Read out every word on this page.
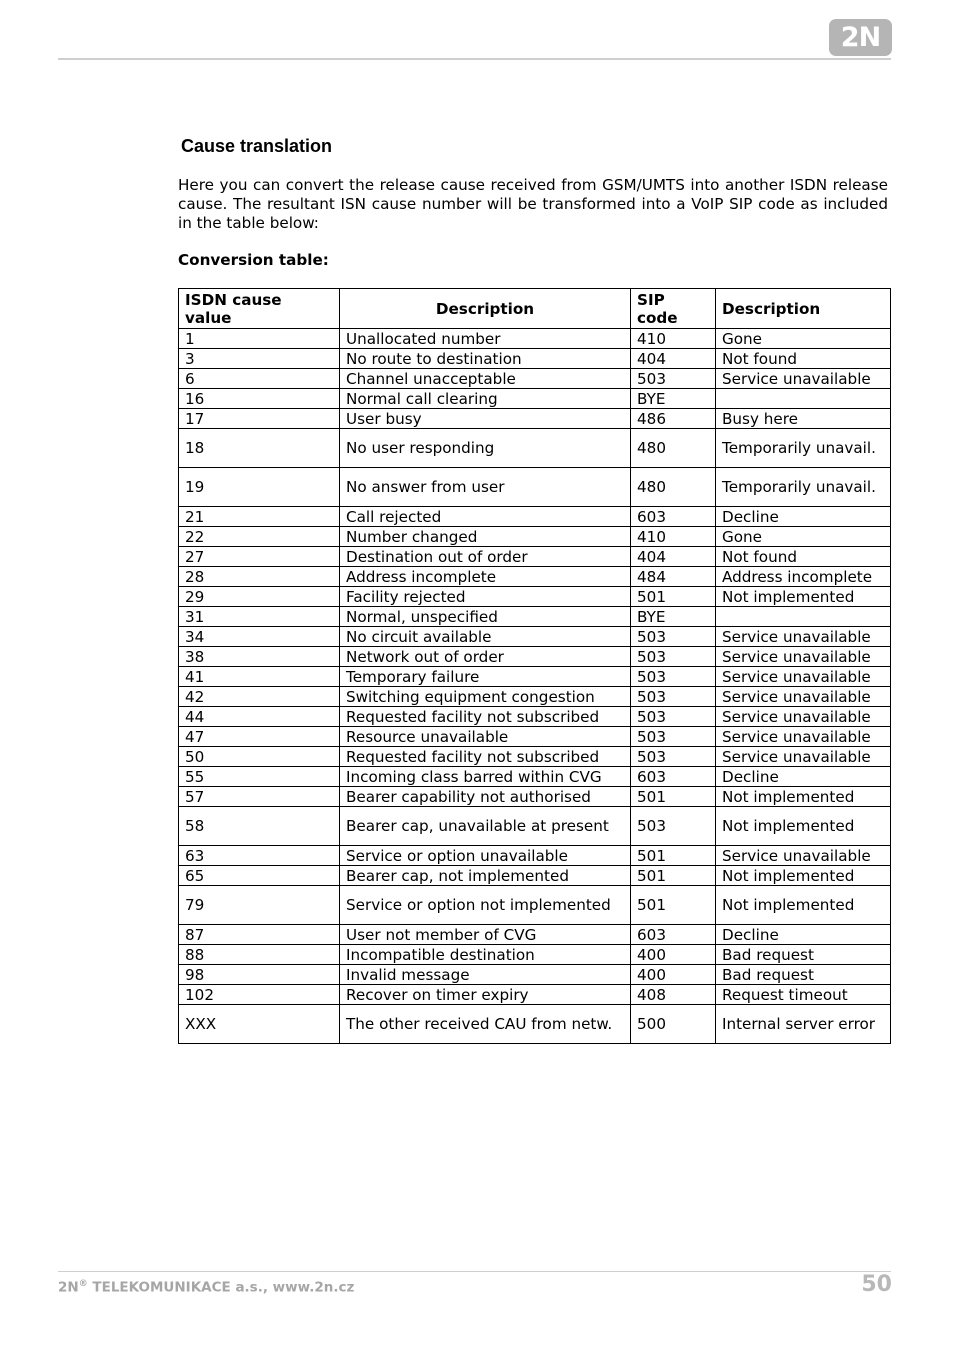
2N
Cause translation

Here you can convert the release cause received from GSM/UMTS into another ISDN release cause. The resultant ISN cause number will be transformed into a VoIP SIP code as included in the table below:

Conversion table:
ISDN cause value	Description	SIP code	Description
1	Unallocated number	410	Gone
3	No route to destination	404	Not found
6	Channel unacceptable	503	Service unavailable
16	Normal call clearing	BYE	
17	User busy	486	Busy here
18	No user responding	480	Temporarily unavail.
19	No answer from user	480	Temporarily unavail.
21	Call rejected	603	Decline
22	Number changed	410	Gone
27	Destination out of order	404	Not found
28	Address incomplete	484	Address incomplete
29	Facility rejected	501	Not implemented
31	Normal, unspecified	BYE	
34	No circuit available	503	Service unavailable
38	Network out of order	503	Service unavailable
41	Temporary failure	503	Service unavailable
42	Switching equipment congestion	503	Service unavailable
44	Requested facility not subscribed	503	Service unavailable
47	Resource unavailable	503	Service unavailable
50	Requested facility not subscribed	503	Service unavailable
55	Incoming class barred within CVG	603	Decline
57	Bearer capability not authorised	501	Not implemented
58	Bearer cap, unavailable at present	503	Not implemented
63	Service or option unavailable	501	Service unavailable
65	Bearer cap, not implemented	501	Not implemented
79	Service or option not implemented	501	Not implemented
87	User not member of CVG	603	Decline
88	Incompatible destination	400	Bad request
98	Invalid message	400	Bad request
102	Recover on timer expiry	408	Request timeout
XXX	The other received CAU from netw.	500	Internal server error
2N® TELEKOMUNIKACE a.s., www.2n.cz	50
